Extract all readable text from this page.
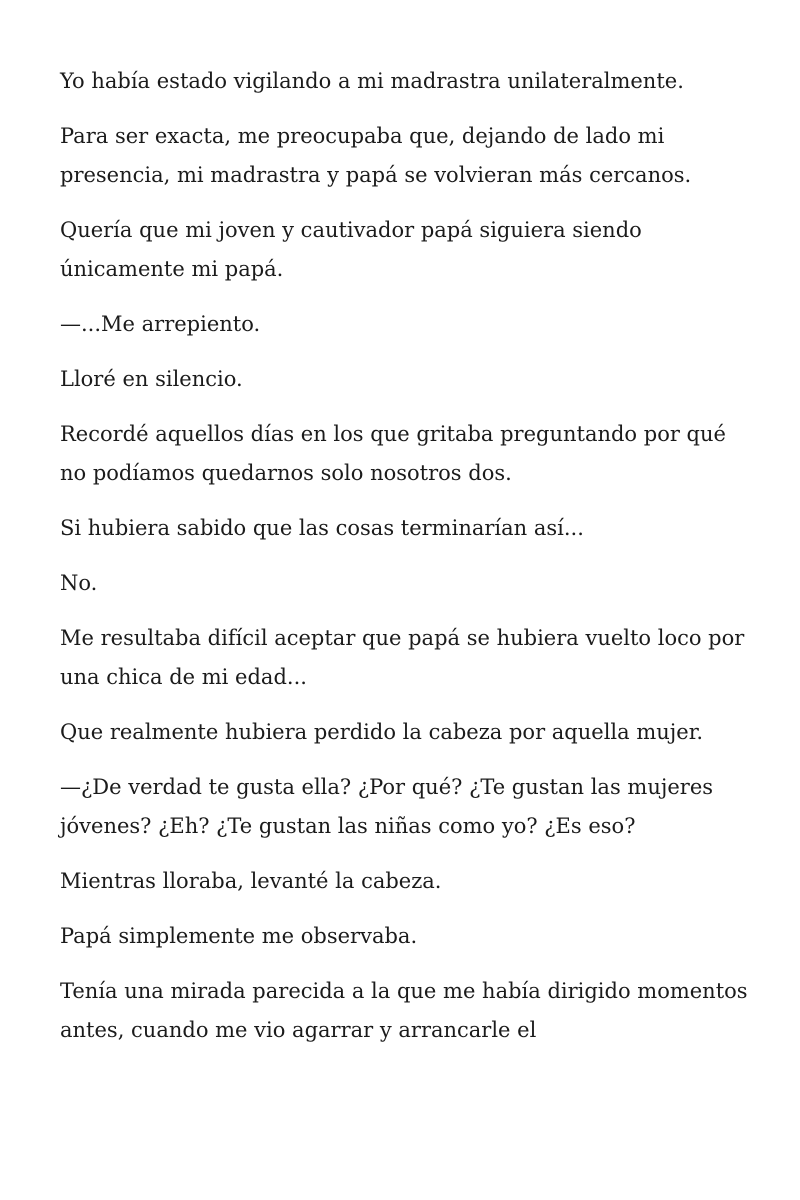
Yo había estado vigilando a mi madrastra unilateralmente.

Para ser exacta, me preocupaba que, dejando de lado mi presencia, mi madrastra y papá se volvieran más cercanos.

Quería que mi joven y cautivador papá siguiera siendo únicamente mi papá.

—...Me arrepiento.

Lloré en silencio.

Recordé aquellos días en los que gritaba preguntando por qué no podíamos quedarnos solo nosotros dos.

Si hubiera sabido que las cosas terminarían así...

No.

Me resultaba difícil aceptar que papá se hubiera vuelto loco por una chica de mi edad...

Que realmente hubiera perdido la cabeza por aquella mujer.

—¿De verdad te gusta ella? ¿Por qué? ¿Te gustan las mujeres jóvenes? ¿Eh? ¿Te gustan las niñas como yo? ¿Es eso?

Mientras lloraba, levanté la cabeza.

Papá simplemente me observaba.

Tenía una mirada parecida a la que me había dirigido momentos antes, cuando me vio agarrar y arrancarle el
